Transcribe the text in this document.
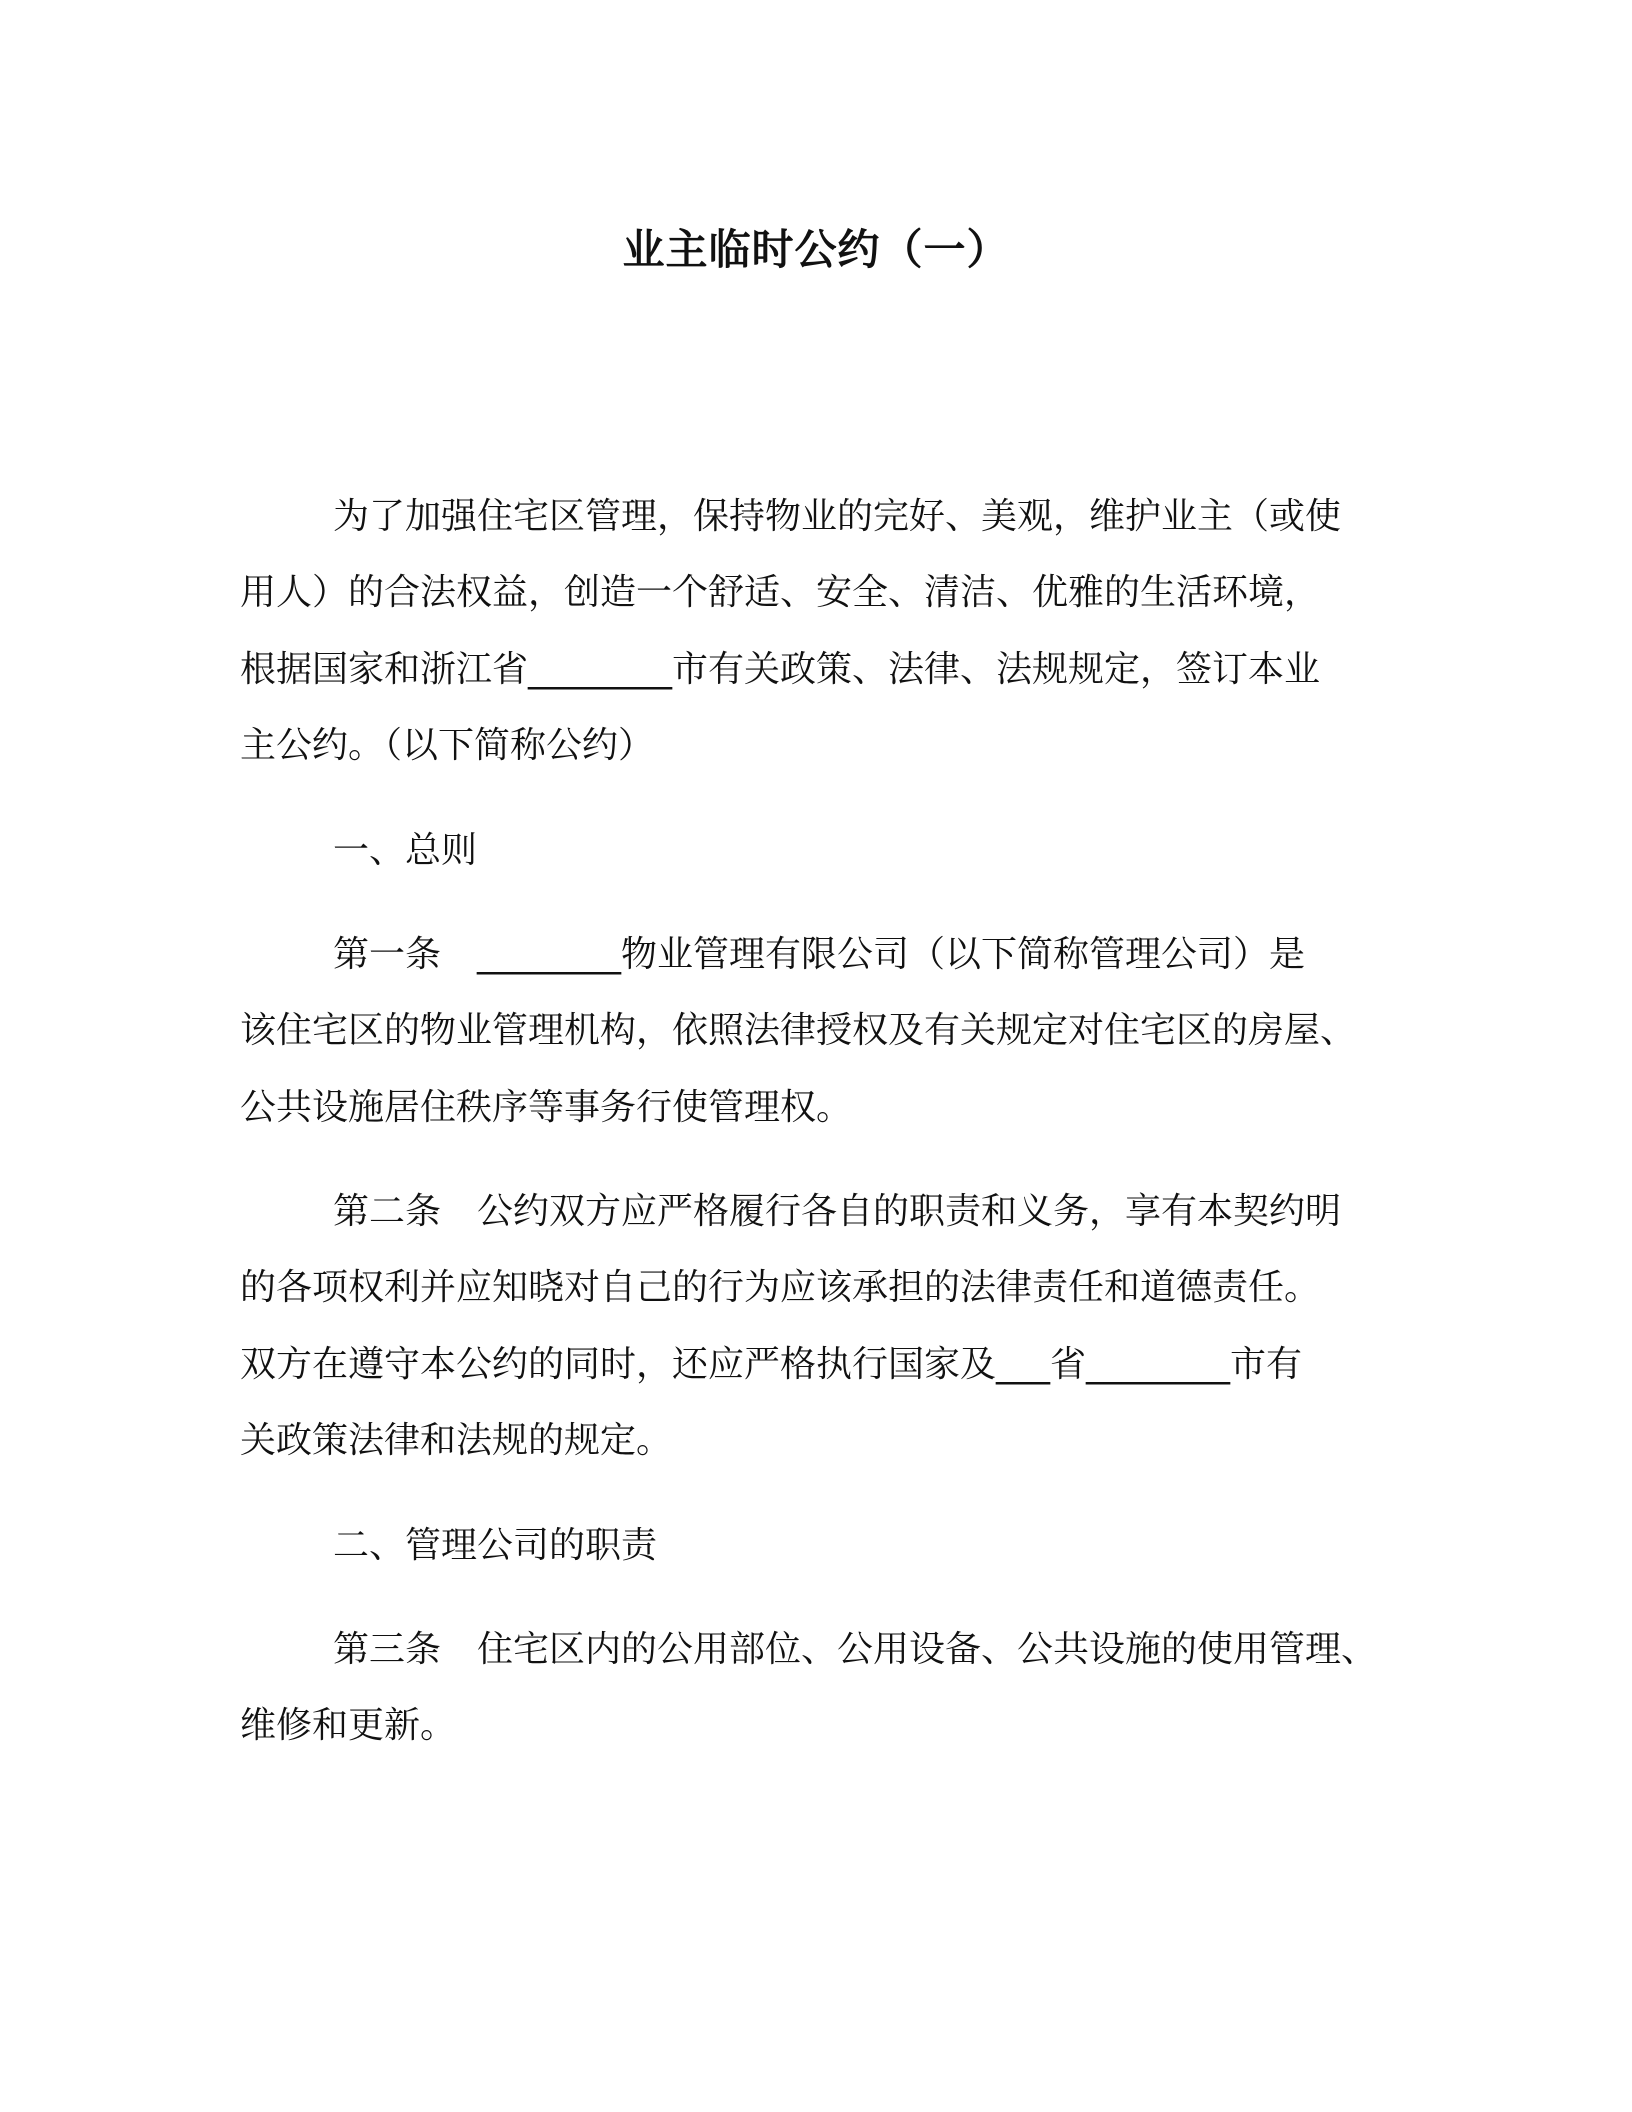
业主临时公约（一）
为了加强住宅区管理，保持物业的完好、美观，维护业主（或使
用人）的合法权益，创造一个舒适、安全、清洁、优雅的生活环境，
根据国家和浙江省________市有关政策、法律、法规规定，签订本业
主公约。（以下简称公约）
一、总则
第一条　________物业管理有限公司（以下简称管理公司）是
该住宅区的物业管理机构，依照法律授权及有关规定对住宅区的房屋、
公共设施居住秩序等事务行使管理权。
第二条　公约双方应严格履行各自的职责和义务，享有本契约明
的各项权利并应知晓对自己的行为应该承担的法律责任和道德责任。
双方在遵守本公约的同时，还应严格执行国家及___省________市有
关政策法律和法规的规定。
二、管理公司的职责
第三条　住宅区内的公用部位、公用设备、公共设施的使用管理、
维修和更新。
